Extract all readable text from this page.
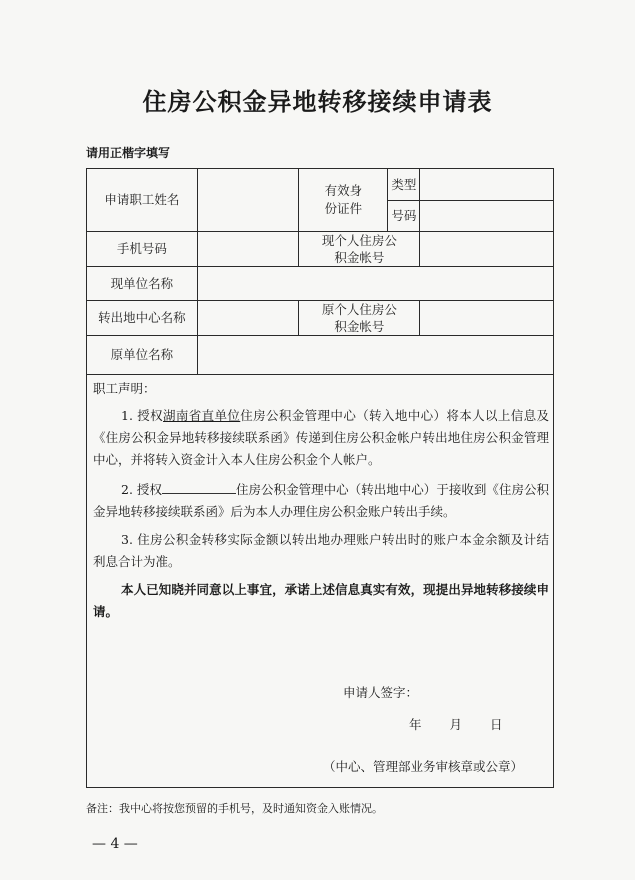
住房公积金异地转移接续申请表
请用正楷字填写
申请职工姓名		有效身份证件	类型	
			号码	
手机号码		现个人住房公积金帐号		
现单位名称				
转出地中心名称		原个人住房公积金帐号		
原单位名称				
职工声明：
1. 授权湖南省直单位住房公积金管理中心（转入地中心）将本人以上信息及《住房公积金异地转移接续联系函》传递到住房公积金帐户转出地住房公积金管理中心，并将转入资金计入本人住房公积金个人帐户。
2. 授权	住房公积金管理中心（转出地中心）于接收到《住房公积金异地转移接续联系函》后为本人办理住房公积金账户转出手续。
3. 住房公积金转移实际金额以转出地办理账户转出时的账户本金余额及计结利息合计为准。
本人已知晓并同意以上事宜，承诺上述信息真实有效，现提出异地转移接续申请。
申请人签字：
年 月 日
（中心、管理部业务审核章或公章）
备注：我中心将按您预留的手机号，及时通知资金入账情况。
— 4 —
